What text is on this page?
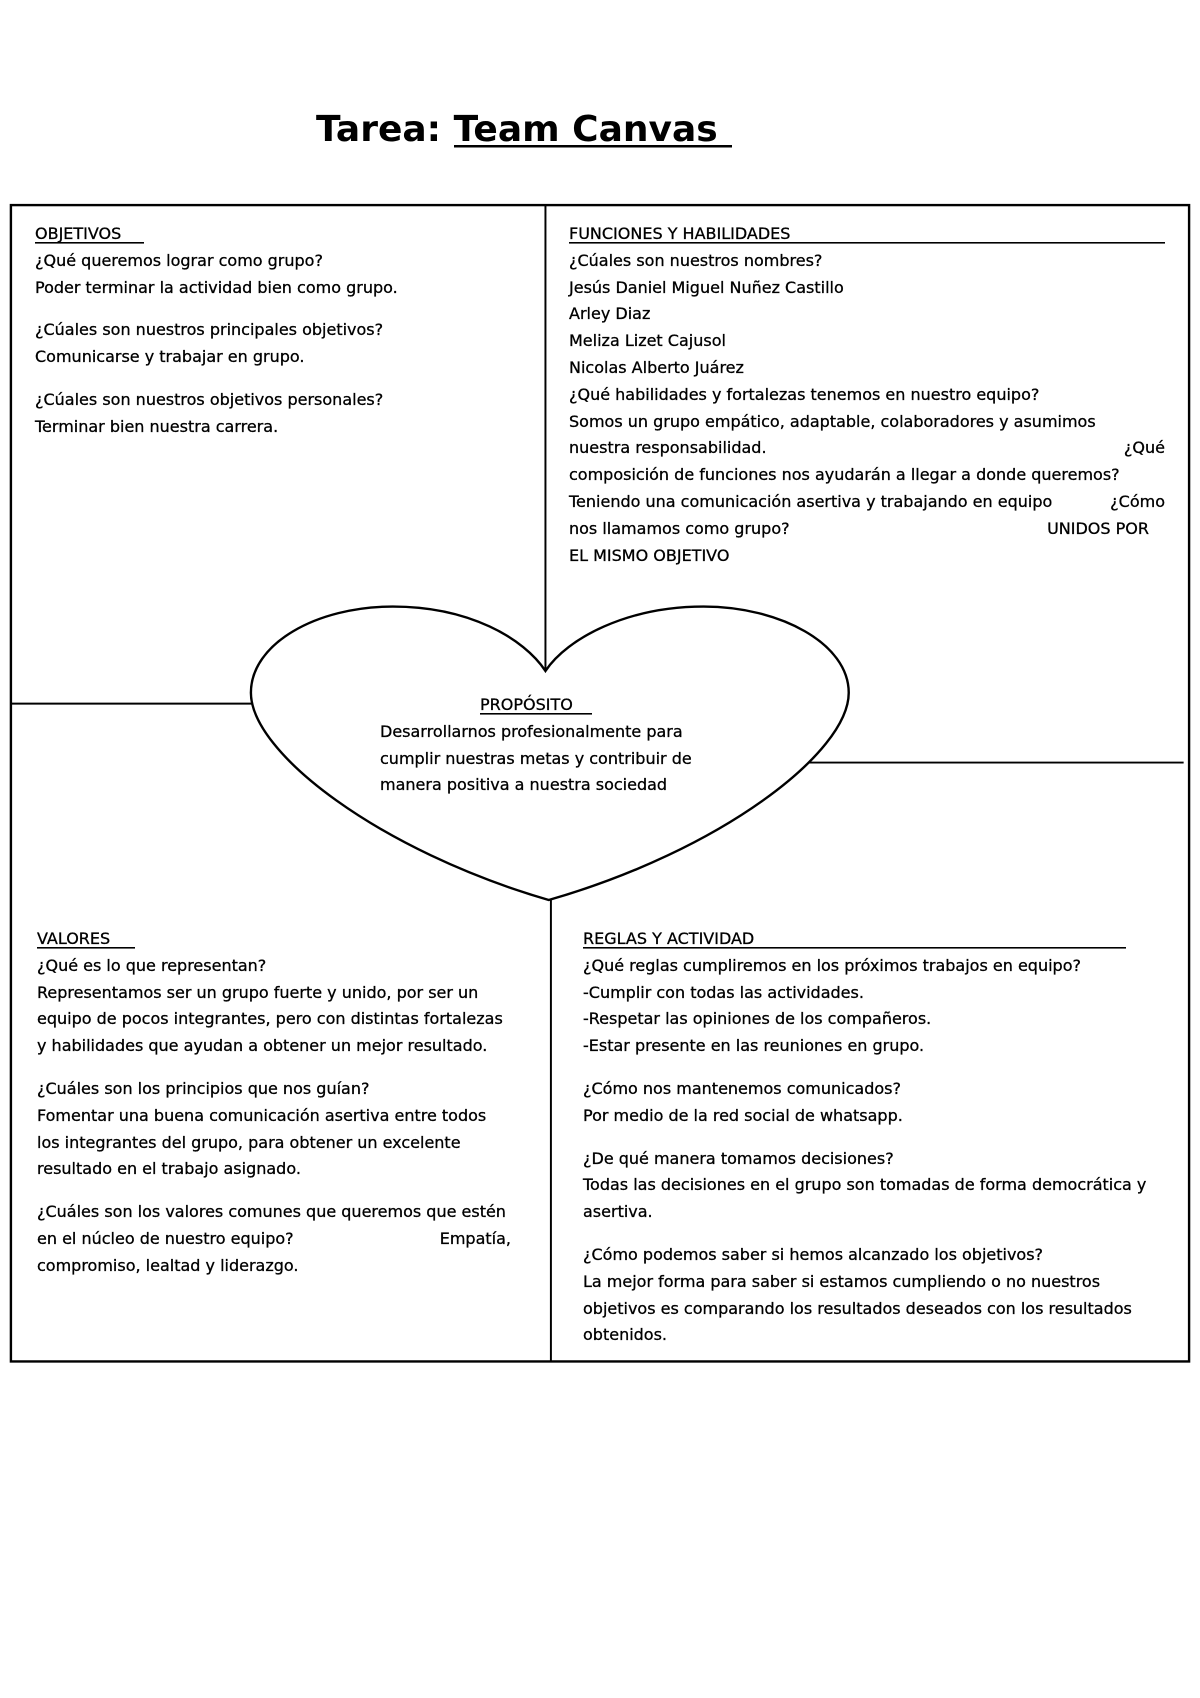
Tarea: Team Canvas
OBJETIVOS
¿Qué queremos lograr como grupo?
Poder terminar la actividad bien como grupo.
¿Cúales son nuestros principales objetivos?
Comunicarse y trabajar en grupo.
¿Cúales son nuestros objetivos personales?
Terminar bien nuestra carrera.
FUNCIONES Y HABILIDADES
¿Cúales son nuestros nombres?
Jesús Daniel Miguel Nuñez Castillo
Arley Diaz
Meliza Lizet Cajusol
Nicolas Alberto Juárez
¿Qué habilidades y fortalezas tenemos en nuestro equipo?
Somos un grupo empático, adaptable, colaboradores y asumimos
nuestra responsabilidad.	¿Qué
composición de funciones nos ayudarán a llegar a donde queremos?
Teniendo una comunicación asertiva y trabajando en equipo	¿Cómo
nos llamamos como grupo?	UNIDOS POR
EL MISMO OBJETIVO
PROPÓSITO
Desarrollarnos profesionalmente para
cumplir nuestras metas y contribuir de
manera positiva a nuestra sociedad
VALORES
¿Qué es lo que representan?
Representamos ser un grupo fuerte y unido, por ser un
equipo de pocos integrantes, pero con distintas fortalezas
y habilidades que ayudan a obtener un mejor resultado.
¿Cuáles son los principios que nos guían?
Fomentar una buena comunicación asertiva entre todos
los integrantes del grupo, para obtener un excelente
resultado en el trabajo asignado.
¿Cuáles son los valores comunes que queremos que estén
en el núcleo de nuestro equipo?	Empatía,
compromiso, lealtad y liderazgo.
REGLAS Y ACTIVIDAD
¿Qué reglas cumpliremos en los próximos trabajos en equipo?
-Cumplir con todas las actividades.
-Respetar las opiniones de los compañeros.
-Estar presente en las reuniones en grupo.
¿Cómo nos mantenemos comunicados?
Por medio de la red social de whatsapp.
¿De qué manera tomamos decisiones?
Todas las decisiones en el grupo son tomadas de forma democrática y
asertiva.
¿Cómo podemos saber si hemos alcanzado los objetivos?
La mejor forma para saber si estamos cumpliendo o no nuestros
objetivos es comparando los resultados deseados con los resultados
obtenidos.
